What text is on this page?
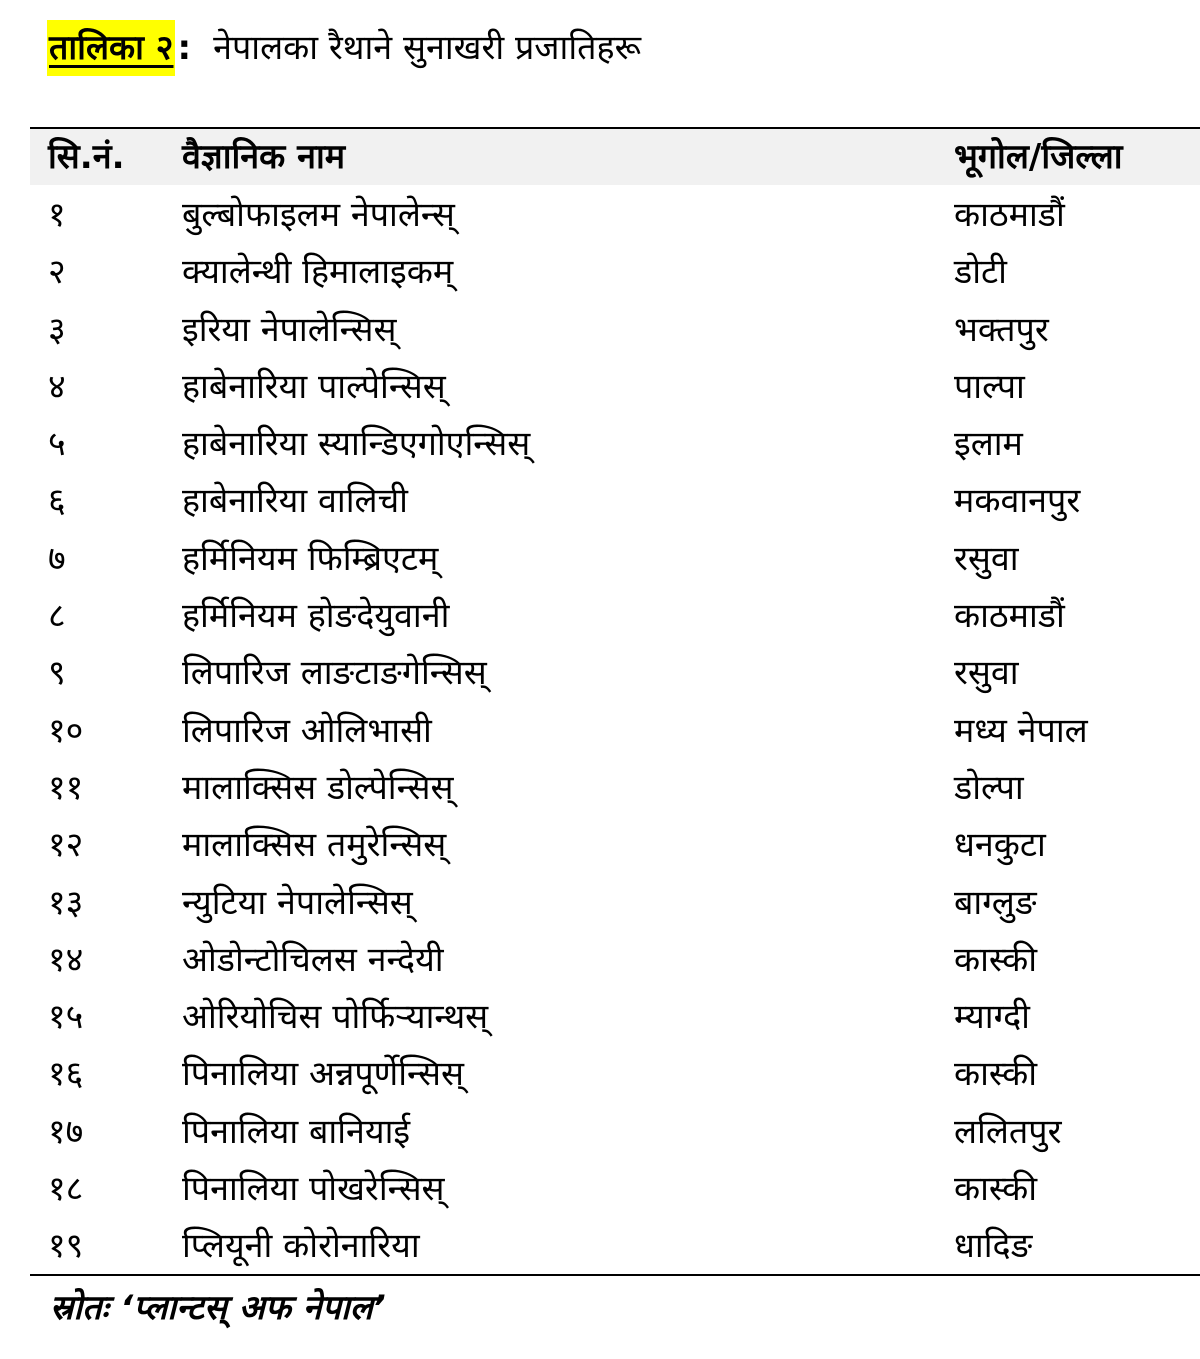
तालिका २ : नेपालका रैथाने सुनाखरी प्रजातिहरू
सि.नं. वैज्ञानिक नाम	भूगोल/जिल्ला
१	बुल्बोफाइलम नेपालेन्स्	काठमाडौं
२	क्यालेन्थी हिमालाइकम्	डोटी
३	इरिया नेपालेन्सिस्	भक्तपुर
४	हाबेनारिया पाल्पेन्सिस्	पाल्पा
५	हाबेनारिया स्यान्डिएगोएन्सिस्	इलाम
६	हाबेनारिया वालिची	मकवानपुर
७	हर्मिनियम फिम्ब्रिएटम्	रसुवा
८	हर्मिनियम होङदेयुवानी	काठमाडौं
९	लिपारिज लाङटाङगेन्सिस्	रसुवा
१०	लिपारिज ओलिभासी	मध्य नेपाल
११	मालाक्सिस डोल्पेन्सिस्	डोल्पा
१२	मालाक्सिस तमुरेन्सिस्	धनकुटा
१३	न्युटिया नेपालेन्सिस्	बाग्लुङ
१४	ओडोन्टोचिलस नन्देयी	कास्की
१५	ओरियोचिस पोर्फिर्‍यान्थस्	म्याग्दी
१६	पिनालिया अन्नपूर्णेन्सिस्	कास्की
१७	पिनालिया बानियाई	ललितपुर
१८	पिनालिया पोखरेन्सिस्	कास्की
१९	प्लियूनी कोरोनारिया	धादिङ
स्रोतः ‘प्लान्टस् अफ नेपाल’
